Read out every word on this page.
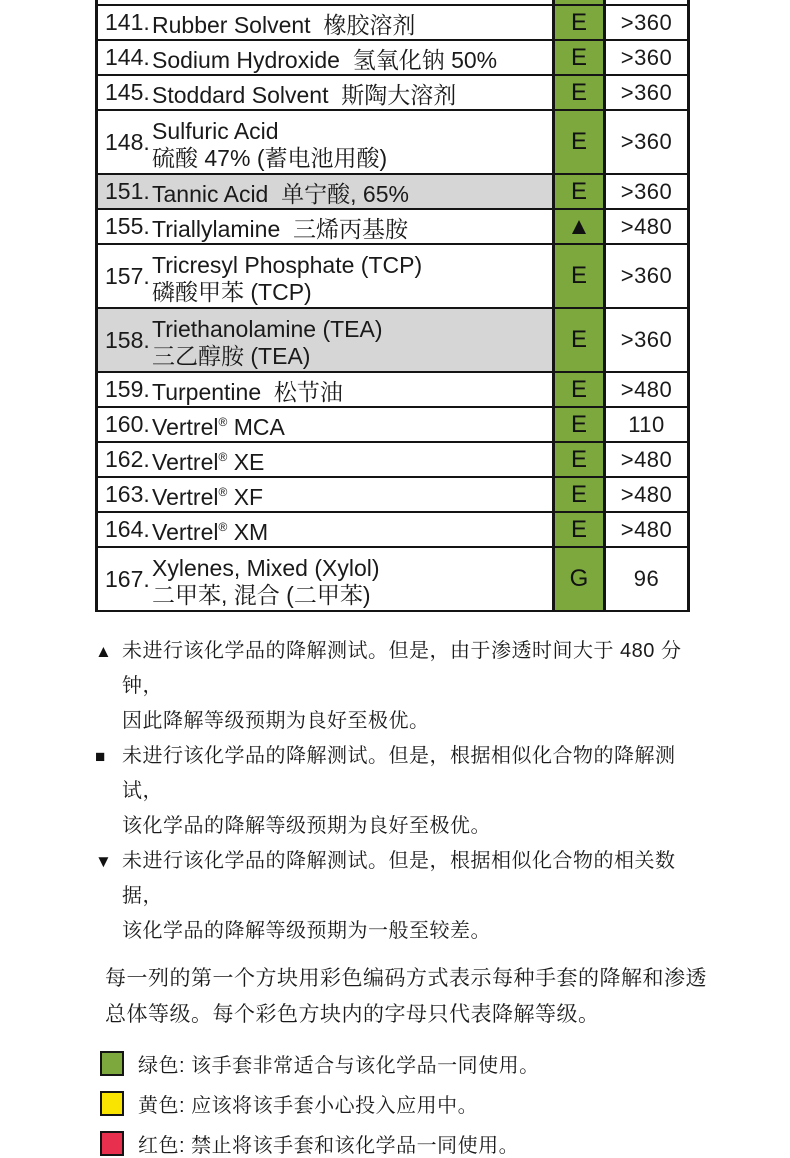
141. Rubber Solvent  橡胶溶剂	E	>360
144. Sodium Hydroxide  氢氧化钠 50%	E	>360
145. Stoddard Solvent  斯陶大溶剂	E	>360
148. Sulfuric Acid
硫酸 47% (蓄电池用酸)
E	>360
151. Tannic Acid  单宁酸, 65%	E	>360
155. Triallylamine  三烯丙基胺	▲	>480
157. Tricresyl Phosphate (TCP)
磷酸甲苯 (TCP)
E	>360
158. Triethanolamine (TEA)
三乙醇胺 (TEA)
E	>360
159. Turpentine  松节油	E	>480
160. Vertrel® MCA	E	110
162. Vertrel® XE	E	>480
163. Vertrel® XF	E	>480
164. Vertrel® XM	E	>480
167. Xylenes, Mixed (Xylol)
二甲苯, 混合 (二甲苯)
G	96
▲ 未进行该化学品的降解测试。但是，由于渗透时间大于 480 分钟，
因此降解等级预期为良好至极优。
■ 未进行该化学品的降解测试。但是，根据相似化合物的降解测试，
该化学品的降解等级预期为良好至极优。
▼ 未进行该化学品的降解测试。但是，根据相似化合物的相关数据，
该化学品的降解等级预期为一般至较差。
每一列的第一个方块用彩色编码方式表示每种手套的降解和渗透
总体等级。每个彩色方块内的字母只代表降解等级。
绿色: 该手套非常适合与该化学品一同使用。
黄色: 应该将该手套小心投入应用中。
红色: 禁止将该手套和该化学品一同使用。
